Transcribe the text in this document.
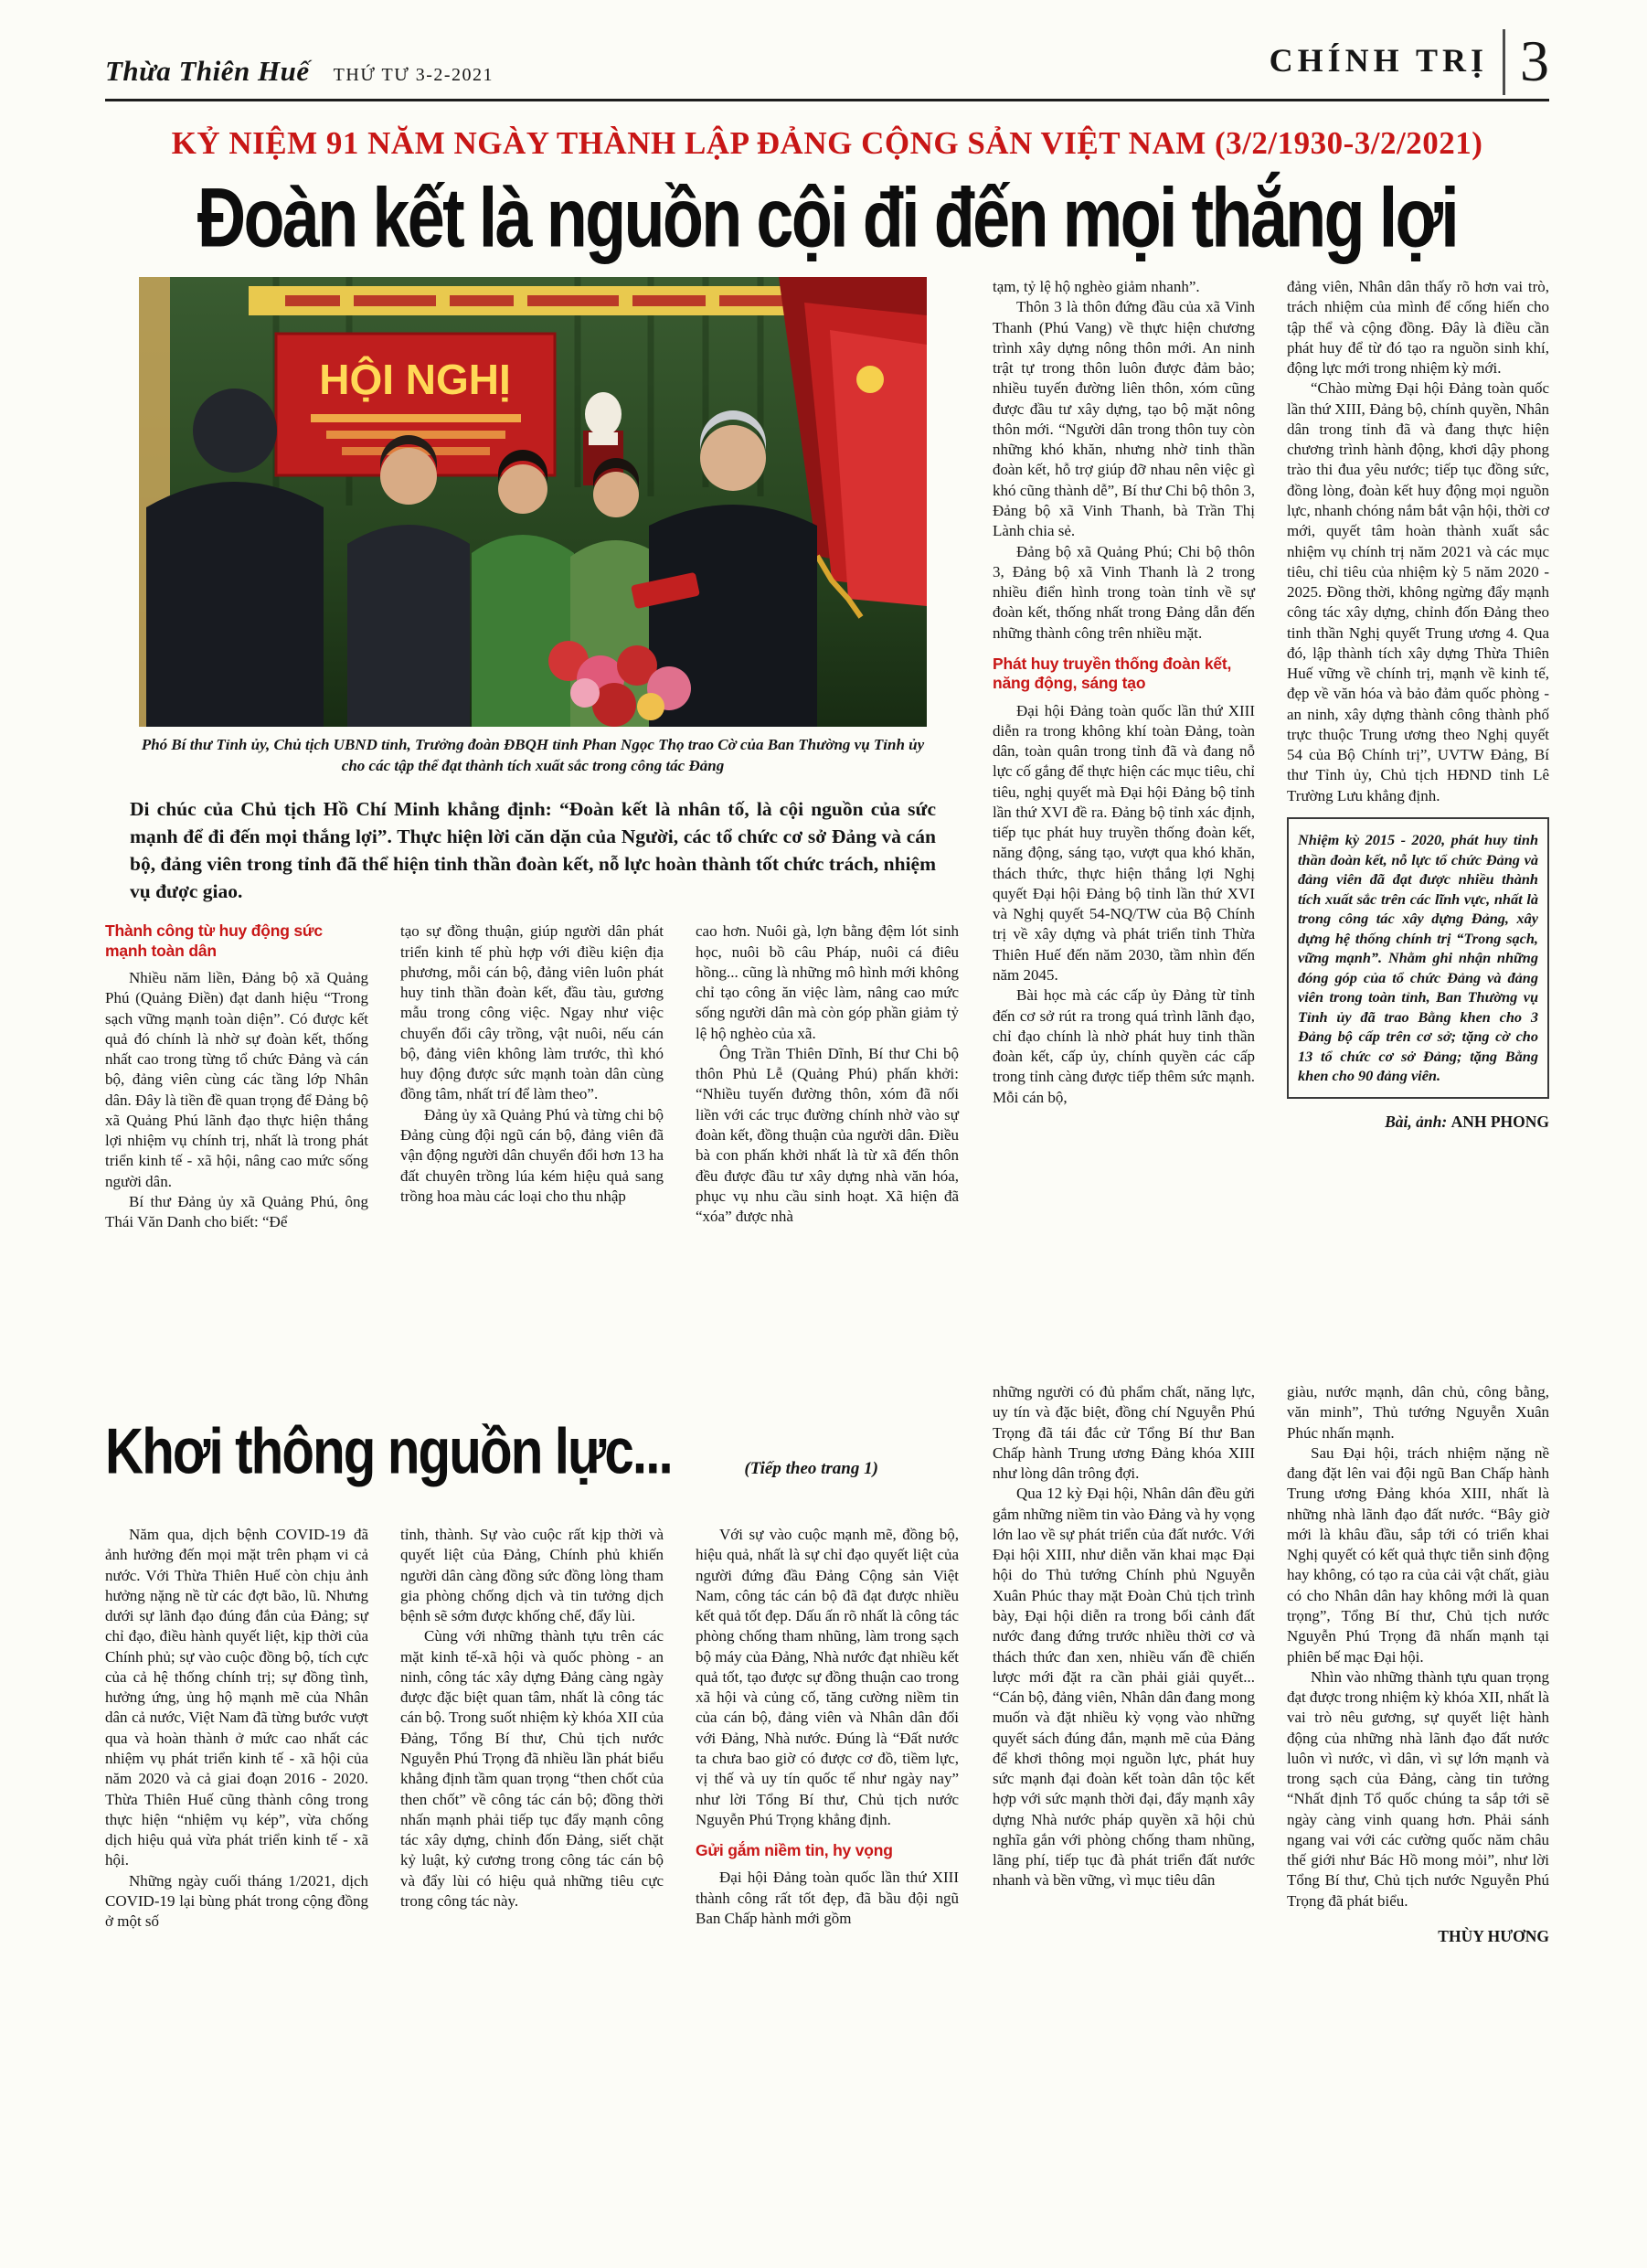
Thừa Thiên Huế THỨ TƯ 3-2-2021	CHÍNH TRỊ 3
KỶ NIỆM 91 NĂM NGÀY THÀNH LẬP ĐẢNG CỘNG SẢN VIỆT NAM (3/2/1930-3/2/2021)
Đoàn kết là nguồn cội đi đến mọi thắng lợi
HỘI NGHỊ
Phó Bí thư Tỉnh ủy, Chủ tịch UBND tỉnh, Trưởng đoàn ĐBQH tỉnh Phan Ngọc Thọ trao Cờ của Ban Thường vụ Tỉnh ủy cho các tập thể đạt thành tích xuất sắc trong công tác Đảng

Di chúc của Chủ tịch Hồ Chí Minh khẳng định: “Đoàn kết là nhân tố, là cội nguồn của sức mạnh để đi đến mọi thắng lợi”. Thực hiện lời căn dặn của Người, các tổ chức cơ sở Đảng và cán bộ, đảng viên trong tỉnh đã thể hiện tinh thần đoàn kết, nỗ lực hoàn thành tốt chức trách, nhiệm vụ được giao.

Thành công từ huy động sức mạnh toàn dân

Nhiều năm liền, Đảng bộ xã Quảng Phú (Quảng Điền) đạt danh hiệu “Trong sạch vững mạnh toàn diện”. Có được kết quả đó chính là nhờ sự đoàn kết, thống nhất cao trong từng tổ chức Đảng và cán bộ, đảng viên cùng các tầng lớp Nhân dân. Đây là tiền đề quan trọng để Đảng bộ xã Quảng Phú lãnh đạo thực hiện thắng lợi nhiệm vụ chính trị, nhất là trong phát triển kinh tế - xã hội, nâng cao mức sống người dân.

Bí thư Đảng ủy xã Quảng Phú, ông Thái Văn Danh cho biết: “Để

tạo sự đồng thuận, giúp người dân phát triển kinh tế phù hợp với điều kiện địa phương, mỗi cán bộ, đảng viên luôn phát huy tinh thần đoàn kết, đầu tàu, gương mẫu trong công việc. Ngay như việc chuyển đổi cây trồng, vật nuôi, nếu cán bộ, đảng viên không làm trước, thì khó huy động được sức mạnh toàn dân cùng đồng tâm, nhất trí để làm theo”.

Đảng ủy xã Quảng Phú và từng chi bộ Đảng cùng đội ngũ cán bộ, đảng viên đã vận động người dân chuyển đổi hơn 13 ha đất chuyên trồng lúa kém hiệu quả sang trồng hoa màu các loại cho thu nhập

cao hơn. Nuôi gà, lợn bằng đệm lót sinh học, nuôi bồ câu Pháp, nuôi cá điêu hồng... cũng là những mô hình mới không chỉ tạo công ăn việc làm, nâng cao mức sống người dân mà còn góp phần giảm tỷ lệ hộ nghèo của xã.

Ông Trần Thiên Dĩnh, Bí thư Chi bộ thôn Phủ Lễ (Quảng Phú) phấn khởi: “Nhiều tuyến đường thôn, xóm đã nối liền với các trục đường chính nhờ vào sự đoàn kết, đồng thuận của người dân. Điều bà con phấn khởi nhất là từ xã đến thôn đều được đầu tư xây dựng nhà văn hóa, phục vụ nhu cầu sinh hoạt. Xã hiện đã “xóa” được nhà

tạm, tỷ lệ hộ nghèo giảm nhanh”.

Thôn 3 là thôn đứng đầu của xã Vinh Thanh (Phú Vang) về thực hiện chương trình xây dựng nông thôn mới. An ninh trật tự trong thôn luôn được đảm bảo; nhiều tuyến đường liên thôn, xóm cũng được đầu tư xây dựng, tạo bộ mặt nông thôn mới. “Người dân trong thôn tuy còn những khó khăn, nhưng nhờ tinh thần đoàn kết, hỗ trợ giúp đỡ nhau nên việc gì khó cũng thành dễ”, Bí thư Chi bộ thôn 3, Đảng bộ xã Vinh Thanh, bà Trần Thị Lành chia sẻ.

Đảng bộ xã Quảng Phú; Chi bộ thôn 3, Đảng bộ xã Vinh Thanh là 2 trong nhiều điển hình trong toàn tỉnh về sự đoàn kết, thống nhất trong Đảng dẫn đến những thành công trên nhiều mặt.

Phát huy truyền thống đoàn kết, năng động, sáng tạo

Đại hội Đảng toàn quốc lần thứ XIII diễn ra trong không khí toàn Đảng, toàn dân, toàn quân trong tỉnh đã và đang nỗ lực cố gắng để thực hiện các mục tiêu, chỉ tiêu, nghị quyết mà Đại hội Đảng bộ tỉnh lần thứ XVI đề ra. Đảng bộ tỉnh xác định, tiếp tục phát huy truyền thống đoàn kết, năng động, sáng tạo, vượt qua khó khăn, thách thức, thực hiện thắng lợi Nghị quyết Đại hội Đảng bộ tỉnh lần thứ XVI và Nghị quyết 54-NQ/TW của Bộ Chính trị về xây dựng và phát triển tỉnh Thừa Thiên Huế đến năm 2030, tầm nhìn đến năm 2045.

Bài học mà các cấp ủy Đảng từ tỉnh đến cơ sở rút ra trong quá trình lãnh đạo, chỉ đạo chính là nhờ phát huy tinh thần đoàn kết, cấp ủy, chính quyền các cấp trong tỉnh càng được tiếp thêm sức mạnh. Mỗi cán bộ,

đảng viên, Nhân dân thấy rõ hơn vai trò, trách nhiệm của mình để cống hiến cho tập thể và cộng đồng. Đây là điều cần phát huy để từ đó tạo ra nguồn sinh khí, động lực mới trong nhiệm kỳ mới.

“Chào mừng Đại hội Đảng toàn quốc lần thứ XIII, Đảng bộ, chính quyền, Nhân dân trong tỉnh đã và đang thực hiện chương trình hành động, khơi dậy phong trào thi đua yêu nước; tiếp tục đồng sức, đồng lòng, đoàn kết huy động mọi nguồn lực, nhanh chóng nắm bắt vận hội, thời cơ mới, quyết tâm hoàn thành xuất sắc nhiệm vụ chính trị năm 2021 và các mục tiêu, chỉ tiêu của nhiệm kỳ 5 năm 2020 - 2025. Đồng thời, không ngừng đẩy mạnh công tác xây dựng, chỉnh đốn Đảng theo tinh thần Nghị quyết Trung ương 4. Qua đó, lập thành tích xây dựng Thừa Thiên Huế vững về chính trị, mạnh về kinh tế, đẹp về văn hóa và bảo đảm quốc phòng - an ninh, xây dựng thành công thành phố trực thuộc Trung ương theo Nghị quyết 54 của Bộ Chính trị”, UVTW Đảng, Bí thư Tỉnh ủy, Chủ tịch HĐND tỉnh Lê Trường Lưu khẳng định.

Nhiệm kỳ 2015 - 2020, phát huy tinh thần đoàn kết, nỗ lực tổ chức Đảng và đảng viên đã đạt được nhiều thành tích xuất sắc trên các lĩnh vực, nhất là trong công tác xây dựng Đảng, xây dựng hệ thống chính trị “Trong sạch, vững mạnh”. Nhằm ghi nhận những đóng góp của tổ chức Đảng và đảng viên trong toàn tỉnh, Ban Thường vụ Tỉnh ủy đã trao Bằng khen cho 3 Đảng bộ cấp trên cơ sở; tặng cờ cho 13 tổ chức cơ sở Đảng; tặng Bằng khen cho 90 đảng viên.
Bài, ảnh: ANH PHONG
Khơi thông nguồn lực...	(Tiếp theo trang 1)

Năm qua, dịch bệnh COVID-19 đã ảnh hưởng đến mọi mặt trên phạm vi cả nước. Với Thừa Thiên Huế còn chịu ảnh hưởng nặng nề từ các đợt bão, lũ. Nhưng dưới sự lãnh đạo đúng đắn của Đảng; sự chỉ đạo, điều hành quyết liệt, kịp thời của Chính phủ; sự vào cuộc đồng bộ, tích cực của cả hệ thống chính trị; sự đồng tình, hưởng ứng, ủng hộ mạnh mẽ của Nhân dân cả nước, Việt Nam đã từng bước vượt qua và hoàn thành ở mức cao nhất các nhiệm vụ phát triển kinh tế - xã hội của năm 2020 và cả giai đoạn 2016 - 2020. Thừa Thiên Huế cũng thành công trong thực hiện “nhiệm vụ kép”, vừa chống dịch hiệu quả vừa phát triển kinh tế - xã hội.

Những ngày cuối tháng 1/2021, dịch COVID-19 lại bùng phát trong cộng đồng ở một số

tỉnh, thành. Sự vào cuộc rất kịp thời và quyết liệt của Đảng, Chính phủ khiến người dân càng đồng sức đồng lòng tham gia phòng chống dịch và tin tưởng dịch bệnh sẽ sớm được khống chế, đẩy lùi.

Cùng với những thành tựu trên các mặt kinh tế-xã hội và quốc phòng - an ninh, công tác xây dựng Đảng càng ngày được đặc biệt quan tâm, nhất là công tác cán bộ. Trong suốt nhiệm kỳ khóa XII của Đảng, Tổng Bí thư, Chủ tịch nước Nguyễn Phú Trọng đã nhiều lần phát biểu khẳng định tầm quan trọng “then chốt của then chốt” về công tác cán bộ; đồng thời nhấn mạnh phải tiếp tục đẩy mạnh công tác xây dựng, chỉnh đốn Đảng, siết chặt kỷ luật, kỷ cương trong công tác cán bộ và đẩy lùi có hiệu quả những tiêu cực trong công tác này.

Với sự vào cuộc mạnh mẽ, đồng bộ, hiệu quả, nhất là sự chỉ đạo quyết liệt của người đứng đầu Đảng Cộng sản Việt Nam, công tác cán bộ đã đạt được nhiều kết quả tốt đẹp. Dấu ấn rõ nhất là công tác phòng chống tham nhũng, làm trong sạch bộ máy của Đảng, Nhà nước đạt nhiều kết quả tốt, tạo được sự đồng thuận cao trong xã hội và củng cố, tăng cường niềm tin của cán bộ, đảng viên và Nhân dân đối với Đảng, Nhà nước. Đúng là “Đất nước ta chưa bao giờ có được cơ đồ, tiềm lực, vị thế và uy tín quốc tế như ngày nay” như lời Tổng Bí thư, Chủ tịch nước Nguyễn Phú Trọng khẳng định.

Gửi gắm niềm tin, hy vọng

Đại hội Đảng toàn quốc lần thứ XIII thành công rất tốt đẹp, đã bầu đội ngũ Ban Chấp hành mới gồm

những người có đủ phẩm chất, năng lực, uy tín và đặc biệt, đồng chí Nguyễn Phú Trọng đã tái đắc cử Tổng Bí thư Ban Chấp hành Trung ương Đảng khóa XIII như lòng dân trông đợi.

Qua 12 kỳ Đại hội, Nhân dân đều gửi gắm những niềm tin vào Đảng và hy vọng lớn lao về sự phát triển của đất nước. Với Đại hội XIII, như diễn văn khai mạc Đại hội do Thủ tướng Chính phủ Nguyễn Xuân Phúc thay mặt Đoàn Chủ tịch trình bày, Đại hội diễn ra trong bối cảnh đất nước đang đứng trước nhiều thời cơ và thách thức đan xen, nhiều vấn đề chiến lược mới đặt ra cần phải giải quyết... “Cán bộ, đảng viên, Nhân dân đang mong muốn và đặt nhiều kỳ vọng vào những quyết sách đúng đắn, mạnh mẽ của Đảng để khơi thông mọi nguồn lực, phát huy sức mạnh đại đoàn kết toàn dân tộc kết hợp với sức mạnh thời đại, đẩy mạnh xây dựng Nhà nước pháp quyền xã hội chủ nghĩa gắn với phòng chống tham nhũng, lãng phí, tiếp tục đà phát triển đất nước nhanh và bền vững, vì mục tiêu dân

giàu, nước mạnh, dân chủ, công bằng, văn minh”, Thủ tướng Nguyễn Xuân Phúc nhấn mạnh.

Sau Đại hội, trách nhiệm nặng nề đang đặt lên vai đội ngũ Ban Chấp hành Trung ương Đảng khóa XIII, nhất là những nhà lãnh đạo đất nước. “Bây giờ mới là khâu đầu, sắp tới có triển khai Nghị quyết có kết quả thực tiễn sinh động hay không, có tạo ra của cải vật chất, giàu có cho Nhân dân hay không mới là quan trọng”, Tổng Bí thư, Chủ tịch nước Nguyễn Phú Trọng đã nhấn mạnh tại phiên bế mạc Đại hội.

Nhìn vào những thành tựu quan trọng đạt được trong nhiệm kỳ khóa XII, nhất là vai trò nêu gương, sự quyết liệt hành động của những nhà lãnh đạo đất nước luôn vì nước, vì dân, vì sự lớn mạnh và trong sạch của Đảng, càng tin tưởng “Nhất định Tổ quốc chúng ta sắp tới sẽ ngày càng vinh quang hơn. Phải sánh ngang vai với các cường quốc năm châu thế giới như Bác Hồ mong mỏi”, như lời Tổng Bí thư, Chủ tịch nước Nguyễn Phú Trọng đã phát biểu.

THÙY HƯƠNG
